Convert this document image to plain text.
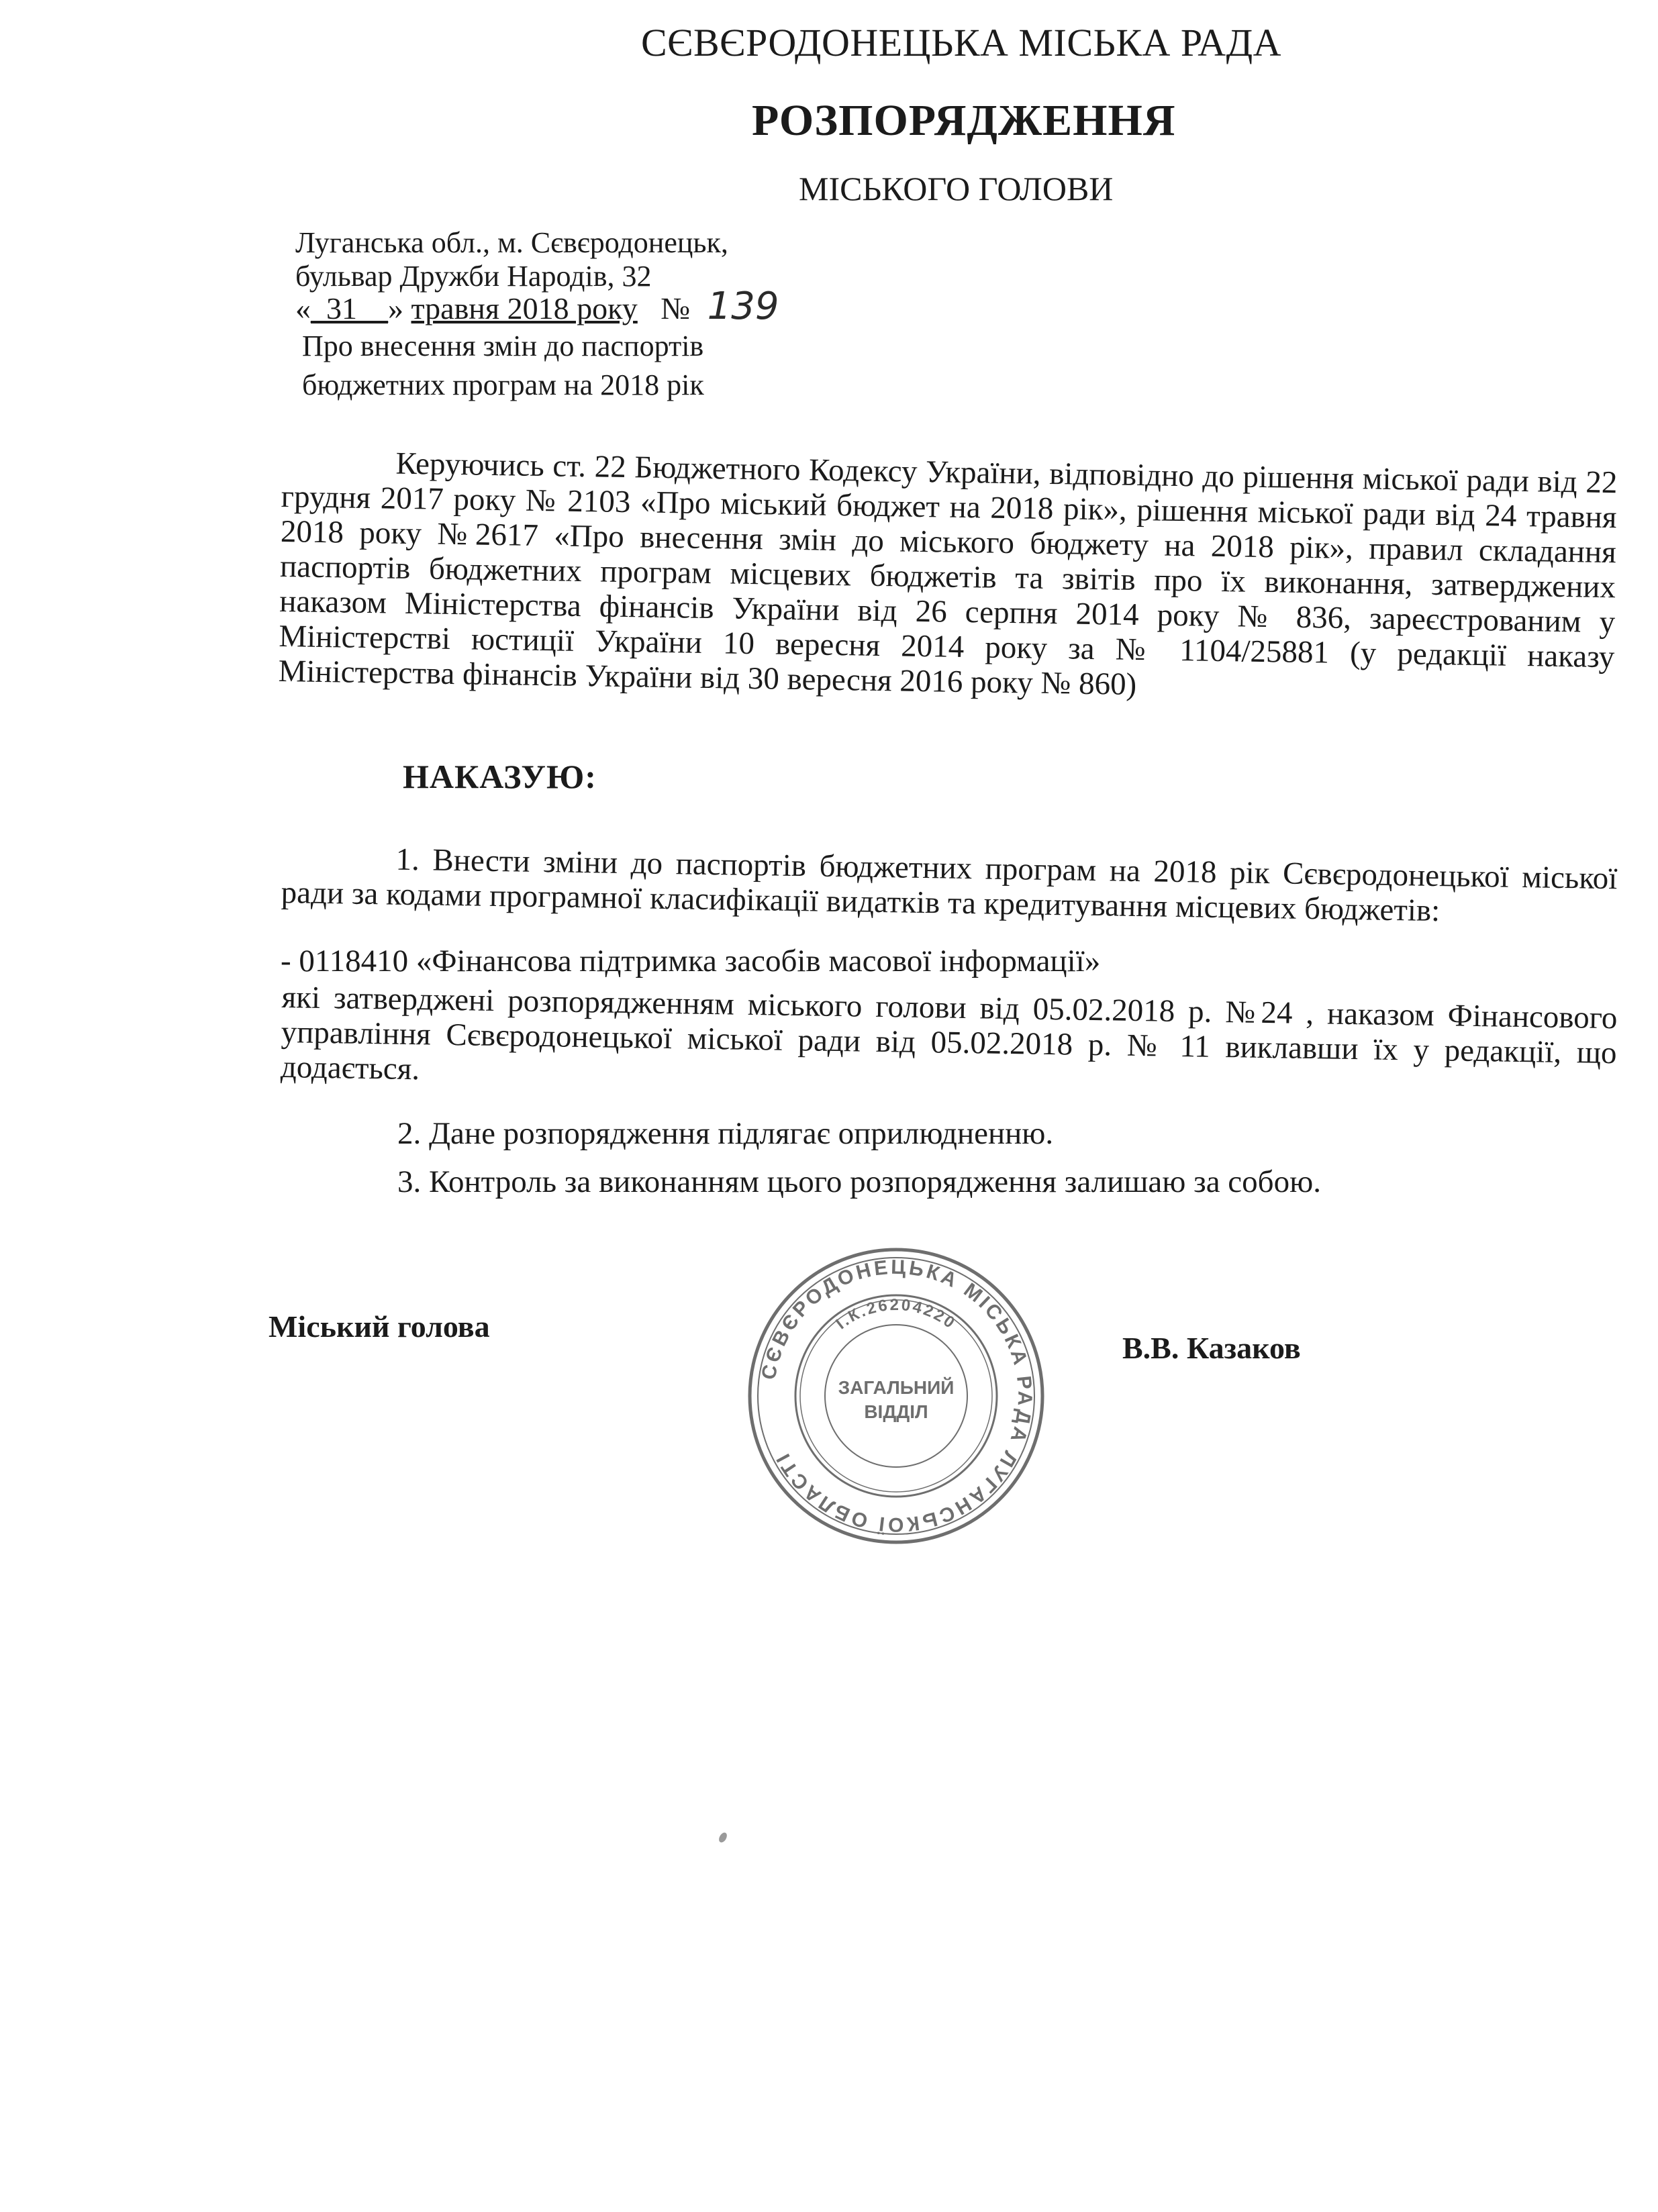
СЄВЄРОДОНЕЦЬКА МІСЬКА РАДА
РОЗПОРЯДЖЕННЯ
МІСЬКОГО ГОЛОВИ
Луганська обл., м. Сєвєродонецьк,
бульвар Дружби Народів, 32
«_31__» травня 2018 року № 139
Про внесення змін до паспортів
бюджетних програм на 2018 рік

Керуючись ст. 22 Бюджетного Кодексу України, відповідно до рішення міської ради від 22 грудня 2017 року № 2103 «Про міський бюджет на 2018 рік», рішення міської ради від 24 травня 2018 року №2617 «Про внесення змін до міського бюджету на 2018 рік», правил складання паспортів бюджетних програм місцевих бюджетів та звітів про їх виконання, затверджених наказом Міністерства фінансів України від 26 серпня 2014 року № 836, зареєстрованим у Міністерстві юстиції України 10 вересня 2014 року за № 1104/25881 (у редакції наказу Міністерства фінансів України від 30 вересня 2016 року № 860)

НАКАЗУЮ:

1. Внести зміни до паспортів бюджетних програм на 2018 рік Сєвєродонецької міської ради за кодами програмної класифікації видатків та кредитування місцевих бюджетів:

- 0118410 «Фінансова підтримка засобів масової інформації»

які затверджені розпорядженням міського голови від 05.02.2018 р. №24 , наказом Фінансового управління Сєвєродонецької міської ради від 05.02.2018 р. № 11 виклавши їх у редакції, що додається.

2. Дане розпорядження підлягає оприлюдненню.
3. Контроль за виконанням цього розпорядження залишаю за собою.
Міський голова
В.В. Казаков
СЄВЄРОДОНЕЦЬКА МІСЬКА РАДА ЛУГАНСЬКОЇ ОБЛАСТІ
І.К.26204220
ЗАГАЛЬНИЙ
ВІДДІЛ
